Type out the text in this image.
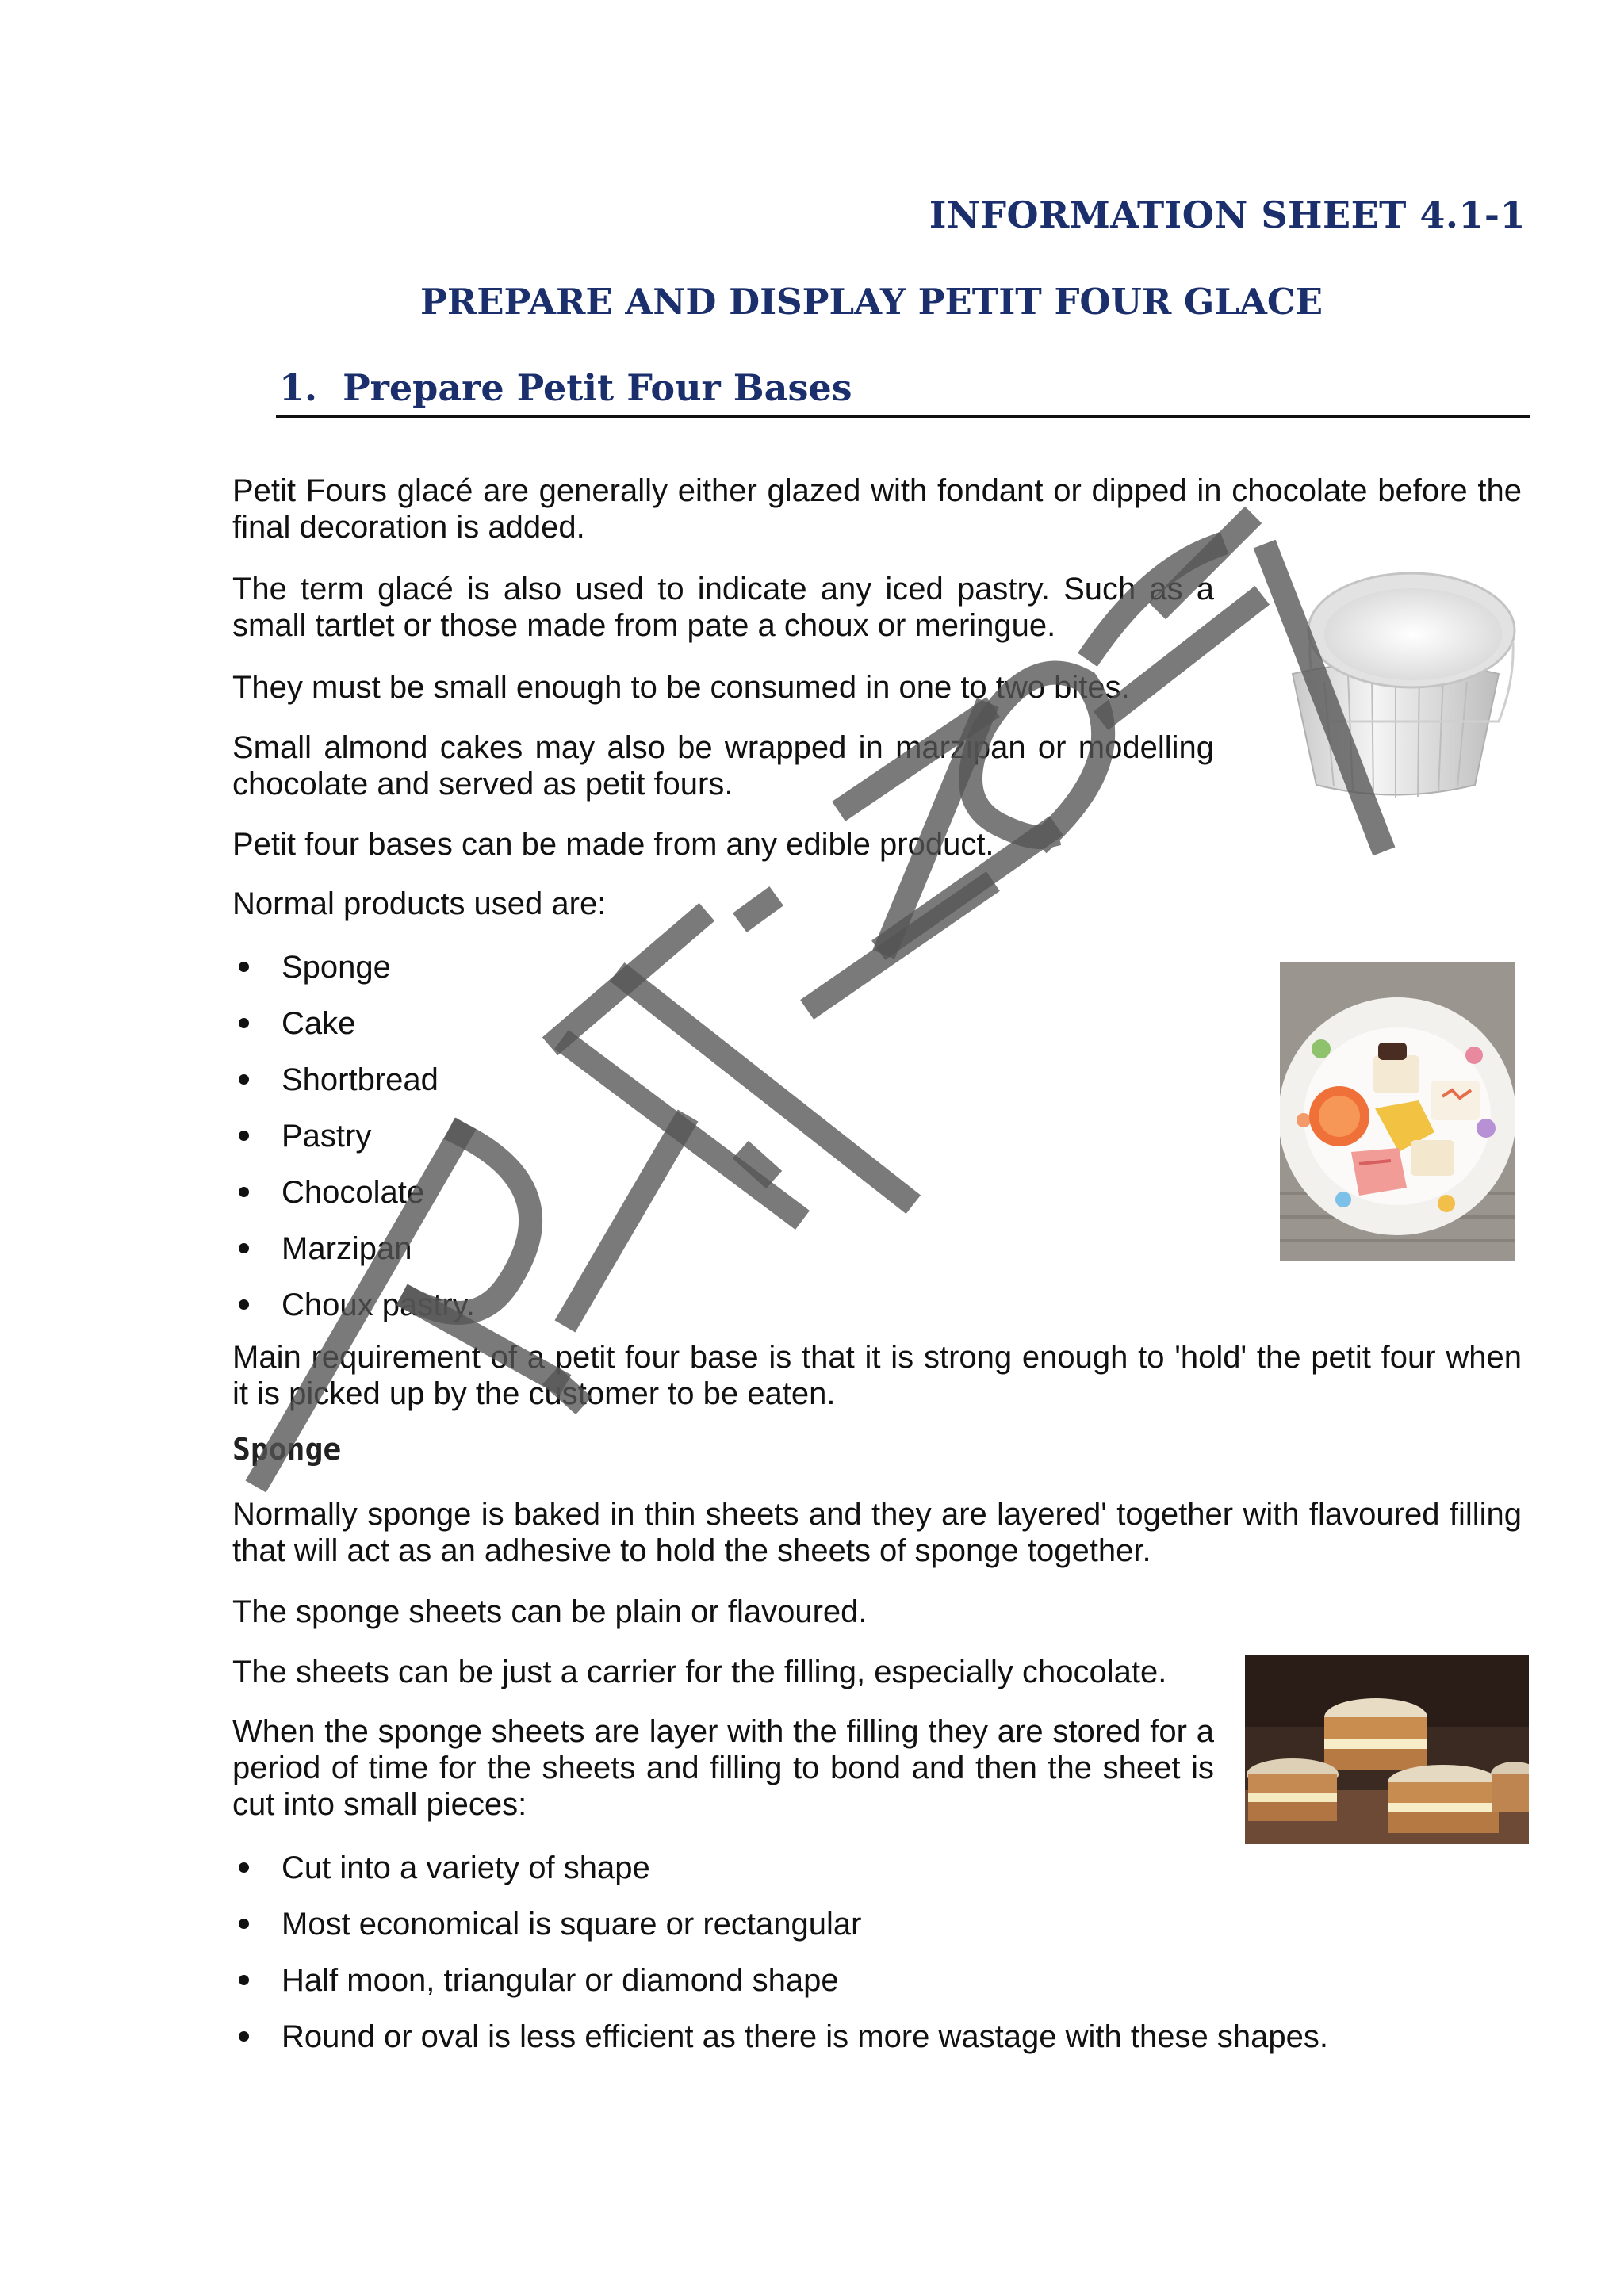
INFORMATION SHEET 4.1-1
PREPARE AND DISPLAY PETIT FOUR GLACE
1. Prepare Petit Four Bases
Petit Fours glacé are generally either glazed with fondant or dipped in chocolate before the final decoration is added.
The term glacé is also used to indicate any iced pastry. Such as a small tartlet or those made from pate a choux or meringue.
They must be small enough to be consumed in one to two bites.
Small almond cakes may also be wrapped in marzipan or modelling chocolate and served as petit fours.
Petit four bases can be made from any edible product.
Normal products used are:
Sponge
Cake
Shortbread
Pastry
Chocolate
Marzipan
Choux pastry.
Main requirement of a petit four base is that it is strong enough to 'hold' the petit four when it is picked up by the customer to be eaten.
Sponge
Normally sponge is baked in thin sheets and they are layered' together with flavoured filling that will act as an adhesive to hold the sheets of sponge together.
The sponge sheets can be plain or flavoured.
The sheets can be just a carrier for the filling, especially chocolate.
When the sponge sheets are layer with the filling they are stored for a period of time for the sheets and filling to bond and then the sheet is cut into small pieces:
Cut into a variety of shape
Most economical is square or rectangular
Half moon, triangular or diamond shape
Round or oval is less efficient as there is more wastage with these shapes.
